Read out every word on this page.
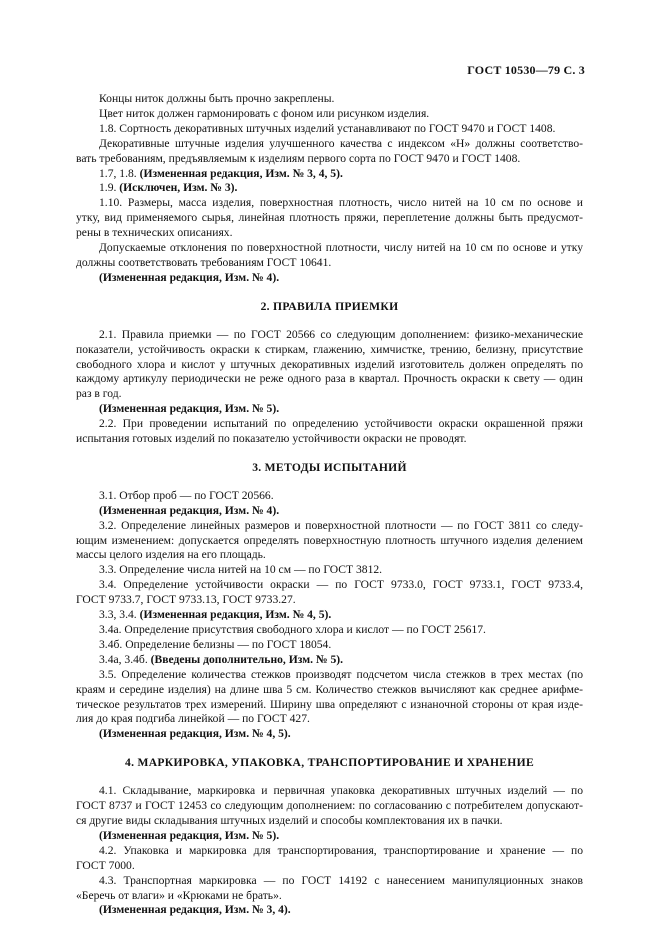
ГОСТ 10530—79 С. 3
Концы ниток должны быть прочно закреплены.
Цвет ниток должен гармонировать с фоном или рисунком изделия.
1.8. Сортность декоративных штучных изделий устанавливают по ГОСТ 9470 и ГОСТ 1408.
Декоративные штучные изделия улучшенного качества с индексом «Н» должны соответство-
вать требованиям, предъявляемым к изделиям первого сорта по ГОСТ 9470 и ГОСТ 1408.
1.7, 1.8. (Измененная редакция, Изм. № 3, 4, 5).
1.9. (Исключен, Изм. № 3).
1.10. Размеры, масса изделия, поверхностная плотность, число нитей на 10 см по основе и
утку, вид применяемого сырья, линейная плотность пряжи, переплетение должны быть предусмот-
рены в технических описаниях.
Допускаемые отклонения по поверхностной плотности, числу нитей на 10 см по основе и утку
должны соответствовать требованиям ГОСТ 10641.
(Измененная редакция, Изм. № 4).
2. ПРАВИЛА ПРИЕМКИ
2.1. Правила приемки — по ГОСТ 20566 со следующим дополнением: физико-механические
показатели, устойчивость окраски к стиркам, глажению, химчистке, трению, белизну, присутствие
свободного хлора и кислот у штучных декоративных изделий изготовитель должен определять по
каждому артикулу периодически не реже одного раза в квартал. Прочность окраски к свету — один
раз в год.
(Измененная редакция, Изм. № 5).
2.2. При проведении испытаний по определению устойчивости окраски окрашенной пряжи
испытания готовых изделий по показателю устойчивости окраски не проводят.
3. МЕТОДЫ ИСПЫТАНИЙ
3.1. Отбор проб — по ГОСТ 20566.
(Измененная редакция, Изм. № 4).
3.2. Определение линейных размеров и поверхностной плотности — по ГОСТ 3811 со следу-
ющим изменением: допускается определять поверхностную плотность штучного изделия делением
массы целого изделия на его площадь.
3.3. Определение числа нитей на 10 см — по ГОСТ 3812.
3.4. Определение устойчивости окраски — по ГОСТ 9733.0, ГОСТ 9733.1, ГОСТ 9733.4,
ГОСТ 9733.7, ГОСТ 9733.13, ГОСТ 9733.27.
3.3, 3.4. (Измененная редакция, Изм. № 4, 5).
3.4а. Определение присутствия свободного хлора и кислот — по ГОСТ 25617.
3.4б. Определение белизны — по ГОСТ 18054.
3.4а, 3.4б. (Введены дополнительно, Изм. № 5).
3.5. Определение количества стежков производят подсчетом числа стежков в трех местах (по
краям и середине изделия) на длине шва 5 см. Количество стежков вычисляют как среднее арифме-
тическое результатов трех измерений. Ширину шва определяют с изнаночной стороны от края изде-
лия до края подгиба линейкой — по ГОСТ 427.
(Измененная редакция, Изм. № 4, 5).
4. МАРКИРОВКА, УПАКОВКА, ТРАНСПОРТИРОВАНИЕ И ХРАНЕНИЕ
4.1. Складывание, маркировка и первичная упаковка декоративных штучных изделий — по
ГОСТ 8737 и ГОСТ 12453 со следующим дополнением: по согласованию с потребителем допускают-
ся другие виды складывания штучных изделий и способы комплектования их в пачки.
(Измененная редакция, Изм. № 5).
4.2. Упаковка и маркировка для транспортирования, транспортирование и хранение — по
ГОСТ 7000.
4.3. Транспортная маркировка — по ГОСТ 14192 с нанесением манипуляционных знаков
«Беречь от влаги» и «Крюками не брать».
(Измененная редакция, Изм. № 3, 4).
